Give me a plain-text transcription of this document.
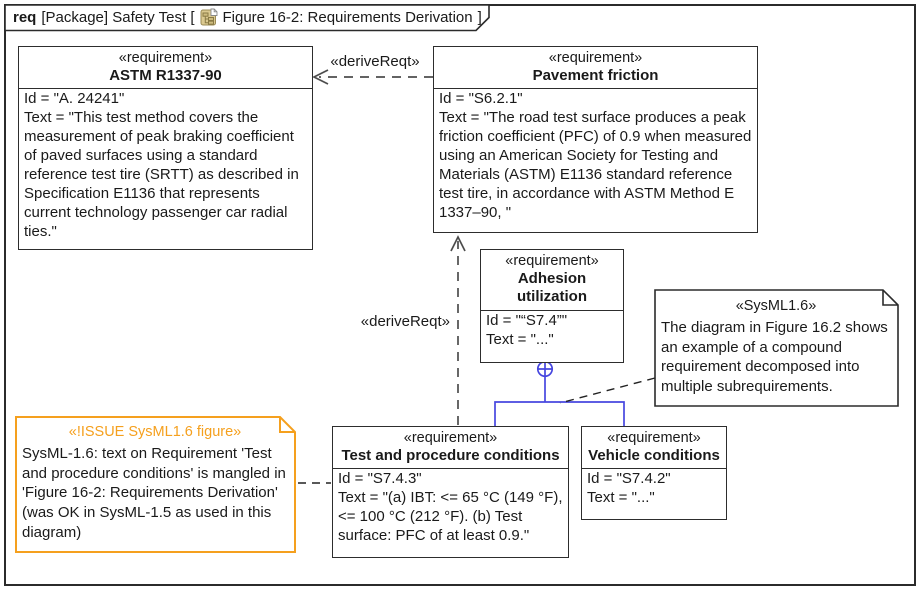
req [Package] Safety Test [ Figure 16-2: Requirements Derivation ]
«requirement»
ASTM R1337-90
Id = "A. 24241"
Text = "This test method covers the measurement of peak braking coefficient of paved surfaces using a standard reference test tire (SRTT) as described in Specification E1136 that represents current technology passenger car radial ties."
«requirement»
Pavement friction
Id = "S6.2.1"
Text = "The road test surface produces a peak friction coefficient (PFC) of 0.9 when measured using an American Society for Testing and Materials (ASTM) E1136 standard reference test tire, in accordance with ASTM Method E 1337–90, "
«requirement»
Adhesion utilization
Id = "“S7.4”"
Text = "..."
«requirement»
Test and procedure conditions
Id = "S7.4.3"
Text = "(a) IBT: <= 65 °C (149 °F), <= 100 °C (212 °F). (b) Test surface: PFC of at least 0.9."
«requirement»
Vehicle conditions
Id = "S7.4.2"
Text = "..."
«deriveReqt»
«deriveReqt»
«SysML1.6»
The diagram in Figure 16.2 shows an example of a compound requirement decomposed into multiple subrequirements.
«!ISSUE SysML1.6 figure»
SysML-1.6: text on Requirement 'Test and procedure conditions' is mangled in 'Figure 16-2: Requirements Derivation' (was OK in SysML-1.5 as used in this diagram)
